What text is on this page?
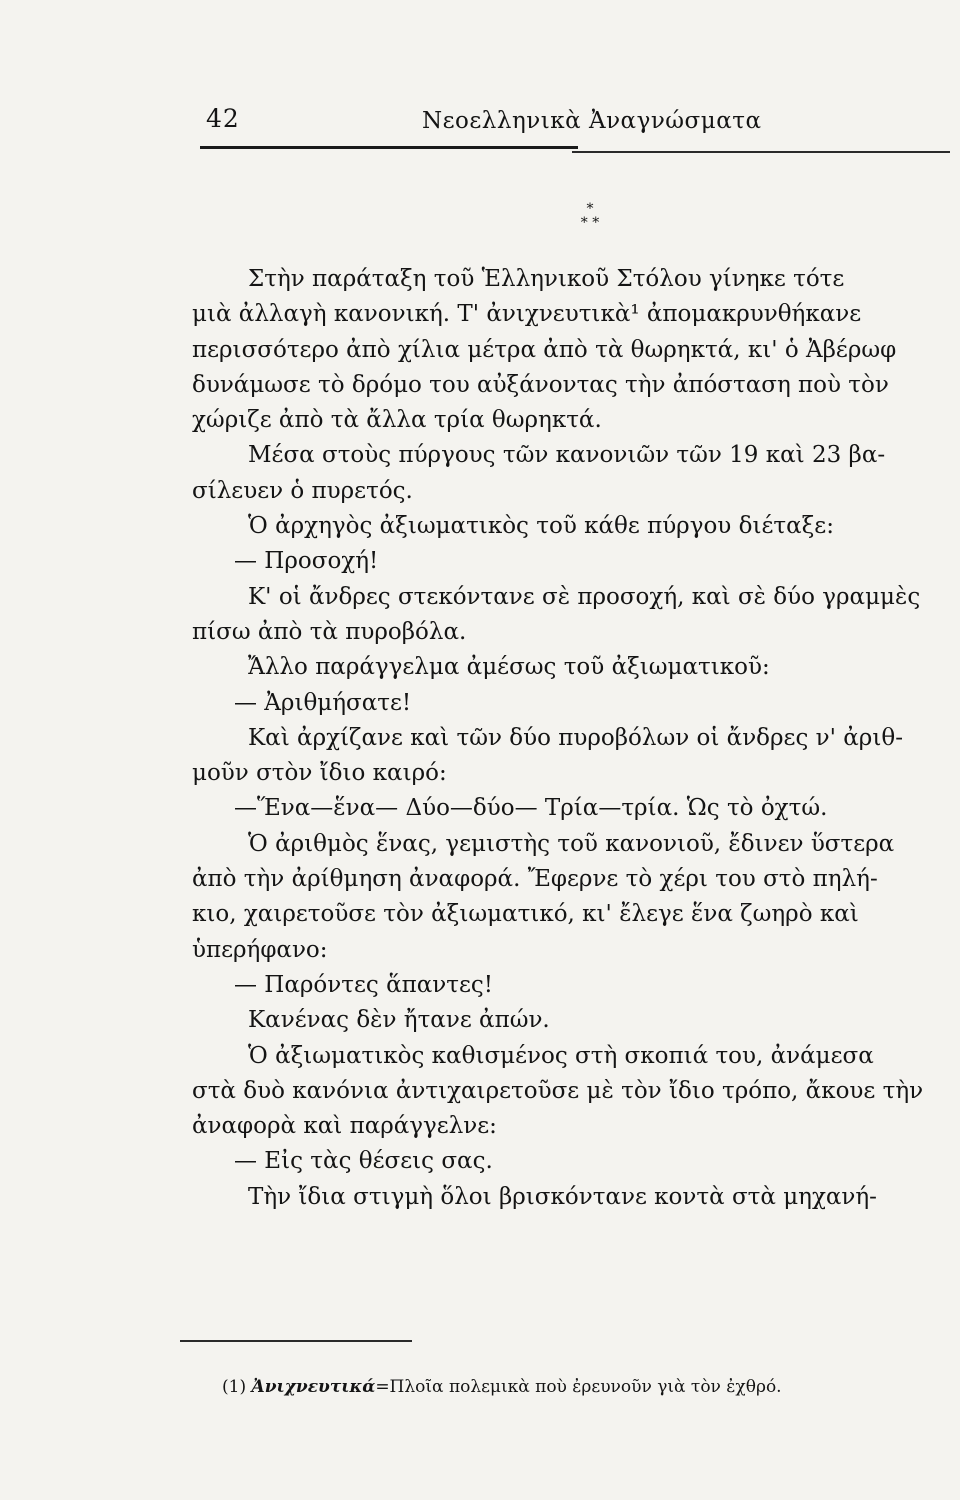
42	Νεοελληνικὰ Ἀναγνώσματα
*
* *
Στὴν παράταξη τοῦ Ἑλληνικοῦ Στόλου γίνηκε τότε
μιὰ ἀλλαγὴ κανονική. Τ' ἀνιχνευτικὰ¹ ἀπομακρυνθήκανε
περισσότερο ἀπὸ χίλια μέτρα ἀπὸ τὰ θωρηκτά, κι' ὁ Ἀβέρωφ
δυνάμωσε τὸ δρόμο του αὐξάνοντας τὴν ἀπόσταση ποὺ τὸν
χώριζε ἀπὸ τὰ ἄλλα τρία θωρηκτά.
Μέσα στοὺς πύργους τῶν κανονιῶν τῶν 19 καὶ 23 βα-
σίλευεν ὁ πυρετός.
Ὁ ἀρχηγὸς ἀξιωματικὸς τοῦ κάθε πύργου διέταξε:
— Προσοχή!
Κ' οἱ ἄνδρες στεκόντανε σὲ προσοχή, καὶ σὲ δύο γραμμὲς
πίσω ἀπὸ τὰ πυροβόλα.
Ἄλλο παράγγελμα ἀμέσως τοῦ ἀξιωματικοῦ:
— Ἀριθμήσατε!
Καὶ ἀρχίζανε καὶ τῶν δύο πυροβόλων οἱ ἄνδρες ν' ἀριθ-
μοῦν στὸν ἴδιο καιρό:
—Ἕνα—ἕνα— Δύο—δύο— Τρία—τρία. Ὡς τὸ ὀχτώ.
Ὁ ἀριθμὸς ἕνας, γεμιστὴς τοῦ κανονιοῦ, ἔδινεν ὕστερα
ἀπὸ τὴν ἀρίθμηση ἀναφορά. Ἔφερνε τὸ χέρι του στὸ πηλή-
κιο, χαιρετοῦσε τὸν ἀξιωματικό, κι' ἔλεγε ἕνα ζωηρὸ καὶ
ὑπερήφανο:
— Παρόντες ἅπαντες!
Κανένας δὲν ἤτανε ἀπών.
Ὁ ἀξιωματικὸς καθισμένος στὴ σκοπιά του, ἀνάμεσα
στὰ δυὸ κανόνια ἀντιχαιρετοῦσε μὲ τὸν ἴδιο τρόπο, ἄκουε τὴν
ἀναφορὰ καὶ παράγγελνε:
— Εἰς τὰς θέσεις σας.
Τὴν ἴδια στιγμὴ ὅλοι βρισκόντανε κοντὰ στὰ μηχανή-
(1) Ἀνιχνευτικά=Πλοῖα πολεμικὰ ποὺ ἐρευνοῦν γιὰ τὸν ἐχθρό.
